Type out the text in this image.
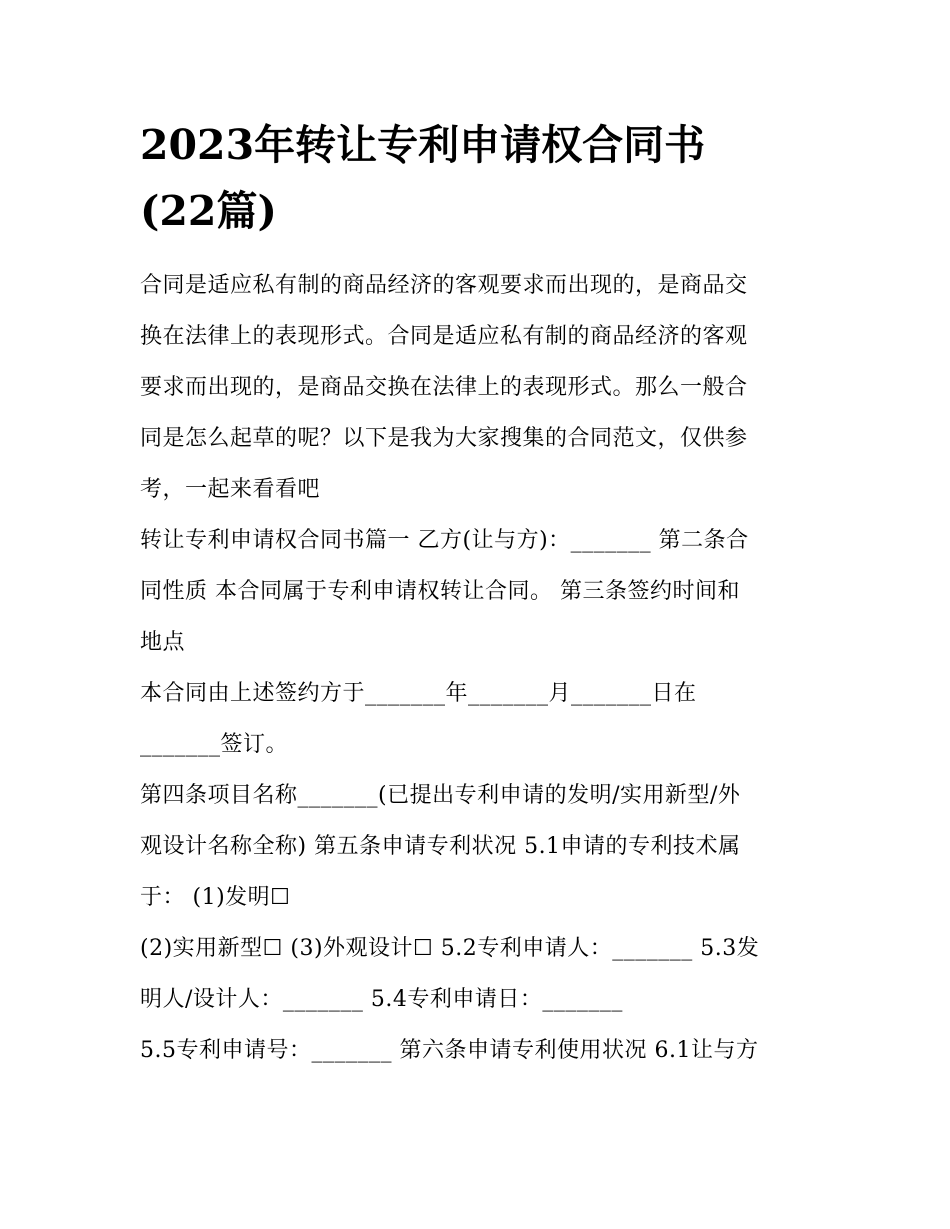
2023年转让专利申请权合同书
(22篇)

合同是适应私有制的商品经济的客观要求而出现的，是商品交
换在法律上的表现形式。合同是适应私有制的商品经济的客观
要求而出现的，是商品交换在法律上的表现形式。那么一般合
同是怎么起草的呢？以下是我为大家搜集的合同范文，仅供参
考，一起来看看吧

转让专利申请权合同书篇一 乙方(让与方)：_______ 第二条合
同性质 本合同属于专利申请权转让合同。 第三条签约时间和
地点

本合同由上述签约方于_______年_______月_______日在
_______签订。

第四条项目名称_______(已提出专利申请的发明/实用新型/外
观设计名称全称) 第五条申请专利状况 5.1申请的专利技术属
于： (1)发明☐

(2)实用新型☐ (3)外观设计☐ 5.2专利申请人：_______ 5.3发
明人/设计人：_______ 5.4专利申请日：_______

5.5专利申请号：_______ 第六条申请专利使用状况 6.1让与方
